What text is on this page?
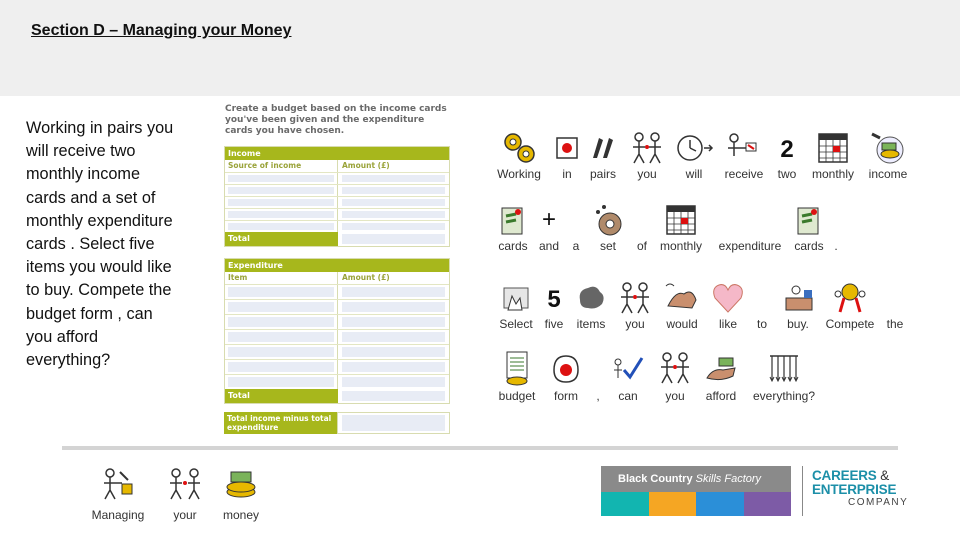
Section D – Managing your Money
Working in pairs you
will receive two
monthly income
cards and a set of
monthly expenditure
cards . Select five
items you would like
to buy. Compete the
budget form , can
you afford
everything?
Create a budget based on the income cards you've been given and the expenditure cards you have chosen.
Income
Source of income	Amount (£)
Total
Expenditure
Item	Amount (£)
Total
Total income minus total expenditure
Working	in	pairs	you	will	receive
2
two	monthly	income
cards
+
and	a	set	of	monthly	expenditure	cards .
Select
5
five	items	you	would	like	to	buy.	Compete	the
budget	form	,	can	you	afford	everything?
Managing	your	money
Black Country Skills Factory	CAREERS &
ENTERPRISE
COMPANY
